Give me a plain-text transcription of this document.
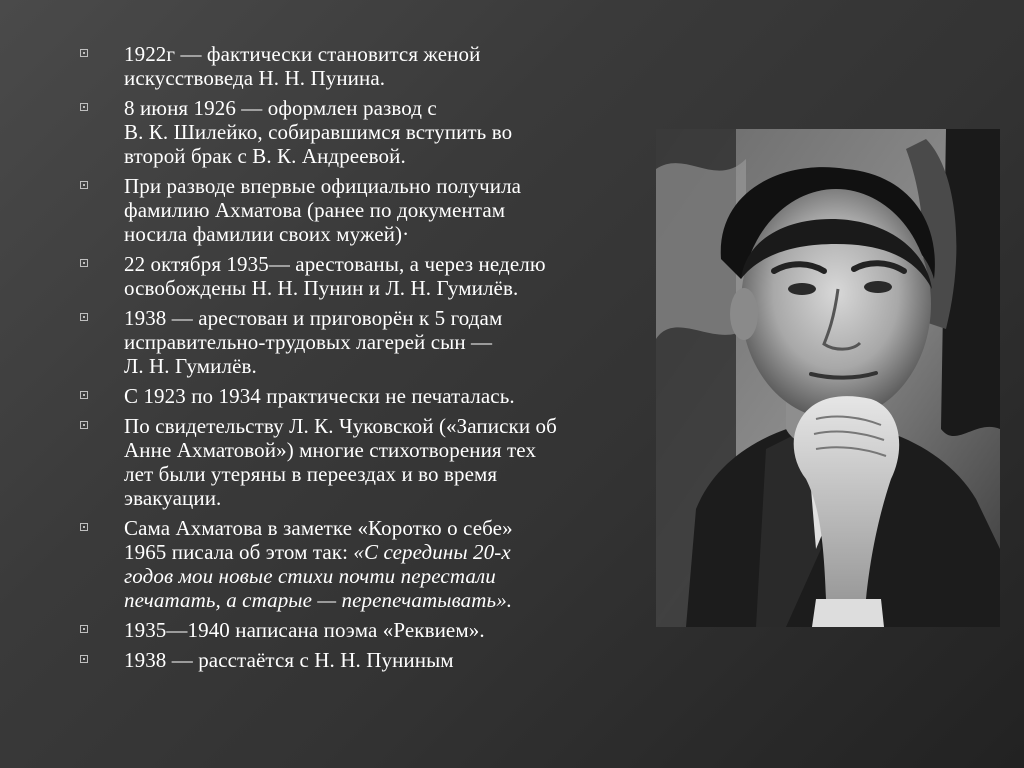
1922г — фактически становится женой
искусствоведа Н. Н. Пунина.
8 июня 1926 — оформлен развод с
В. К. Шилейко, собиравшимся вступить во
второй брак с В. К. Андреевой.
При разводе впервые официально получила
фамилию Ахматова (ранее по документам
носила фамилии своих мужей)·
22 октября 1935— арестованы, а через неделю
освобождены Н. Н. Пунин и Л. Н. Гумилёв.
1938 — арестован и приговорён к 5 годам
исправительно-трудовых лагерей сын —
Л. Н. Гумилёв.
С 1923 по 1934 практически не печаталась.
По свидетельству Л. К. Чуковской («Записки об
Анне Ахматовой») многие стихотворения тех
лет были утеряны в переездах и во время
эвакуации.
Сама Ахматова в заметке «Коротко о себе»
1965 писала об этом так: «С середины 20-х
годов мои новые стихи почти перестали
печатать, а старые — перепечатывать».
1935—1940 написана поэма «Реквием».
1938 — расстаётся с Н. Н. Пуниным
